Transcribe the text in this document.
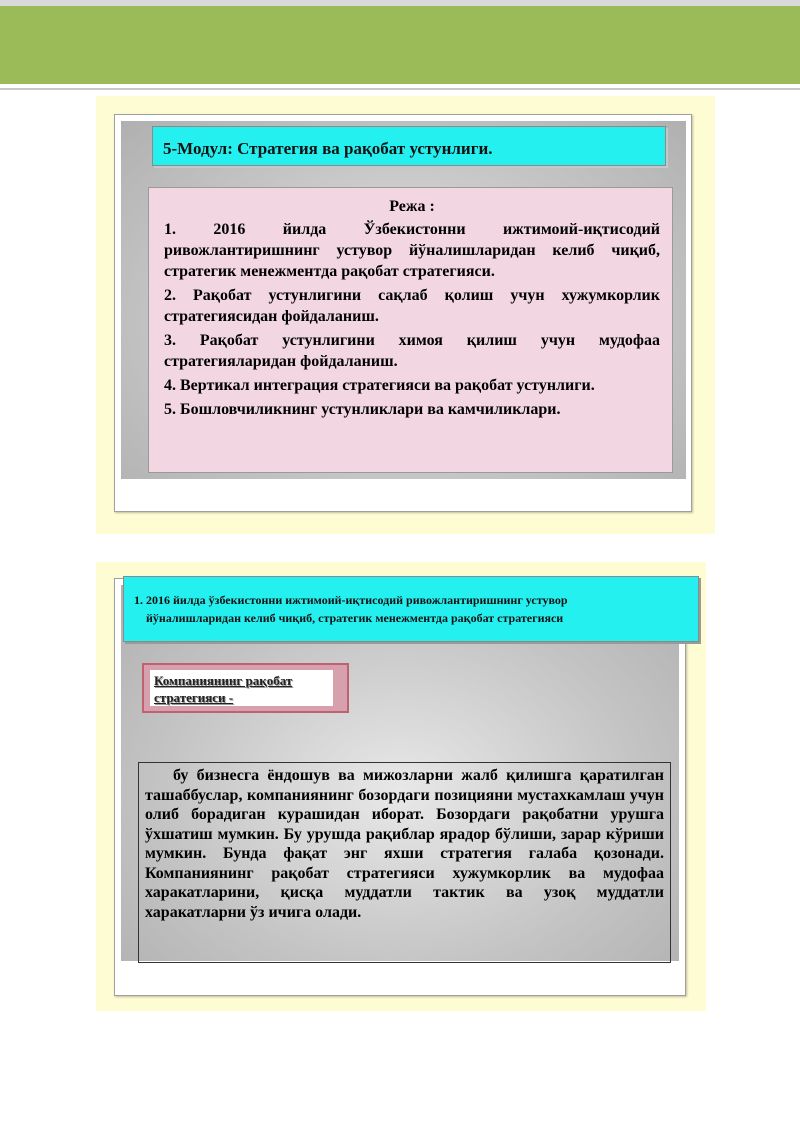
5-Модул: Стратегия ва рақобат устунлиги.
Режа :
1. 2016 йилда Ўзбекистонни ижтимоий-иқтисодий ривожлантиришнинг устувор йўналишларидан келиб чиқиб, стратегик менежментда рақобат стратегияси.
2. Рақобат устунлигини сақлаб қолиш учун хужумкорлик стратегиясидан фойдаланиш.
3. Рақобат устунлигини химоя қилиш учун мудофаа стратегияларидан фойдаланиш.
4. Вертикал интеграция стратегияси ва рақобат устунлиги.
5. Бошловчиликнинг устунликлари ва камчиликлари.
1. 2016 йилда ўзбекистонни ижтимоий-иқтисодий ривожлантиришнинг устувор
йўналишларидан келиб чиқиб, стратегик менежментда рақобат стратегияси
Компаниянинг рақобат стратегияси -
бу бизнесга ёндошув ва мижозларни жалб қилишга қаратилган ташаббуслар, компаниянинг бозордаги позицияни мустахкамлаш учун олиб борадиган курашидан иборат. Бозордаги рақобатни урушга ўхшатиш мумкин. Бу урушда рақиблар ярадор бўлиши, зарар кўриши мумкин. Бунда фақат энг яхши стратегия галаба қозонади. Компаниянинг рақобат стратегияси хужумкорлик ва мудофаа харакатларини, қисқа муддатли тактик ва узоқ муддатли харакатларни ўз ичига олади.
